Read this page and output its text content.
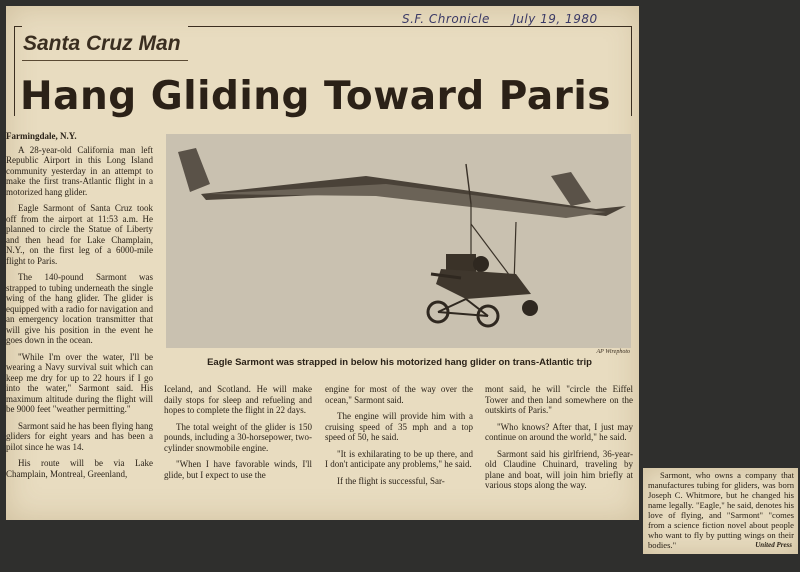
S.F. Chronicle July 19, 1980
Santa Cruz Man
Hang Gliding Toward Paris

Farmingdale, N.Y.

A 28-year-old California man left Republic Airport in this Long Island community yesterday in an attempt to make the first trans-Atlantic flight in a motorized hang glider.

Eagle Sarmont of Santa Cruz took off from the airport at 11:53 a.m. He planned to circle the Statue of Liberty and then head for Lake Champlain, N.Y., on the first leg of a 6000-mile flight to Paris.

The 140-pound Sarmont was strapped to tubing underneath the single wing of the hang glider. The glider is equipped with a radio for navigation and an emergency location transmitter that will give his position in the event he goes down in the ocean.

"While I'm over the water, I'll be wearing a Navy survival suit which can keep me dry for up to 22 hours if I go into the water," Sarmont said. His maximum altitude during the flight will be 9000 feet "weather permitting."

Sarmont said he has been flying hang gliders for eight years and has been a pilot since he was 14.

His route will be via Lake Champlain, Montreal, Greenland,

AP Wirephoto
Eagle Sarmont was strapped in below his motorized hang glider on trans-Atlantic trip

Iceland, and Scotland. He will make daily stops for sleep and refueling and hopes to complete the flight in 22 days.

The total weight of the glider is 150 pounds, including a 30-horsepower, two-cylinder snowmobile engine.

"When I have favorable winds, I'll glide, but I expect to use the

engine for most of the way over the ocean," Sarmont said.

The engine will provide him with a cruising speed of 35 mph and a top speed of 50, he said.

"It is exhilarating to be up there, and I don't anticipate any problems," he said.

If the flight is successful, Sar-

mont said, he will "circle the Eiffel Tower and then land somewhere on the outskirts of Paris."

"Who knows? After that, I just may continue on around the world," he said.

Sarmont said his girlfriend, 36-year-old Claudine Chuinard, traveling by plane and boat, will join him briefly at various stops along the way.

Sarmont, who owns a company that manufactures tubing for gliders, was born Joseph C. Whitmore, but he changed his name legally. "Eagle," he said, denotes his love of flying, and "Sarmont" "comes from a science fiction novel about people who want to fly by putting wings on their bodies."	United Press
